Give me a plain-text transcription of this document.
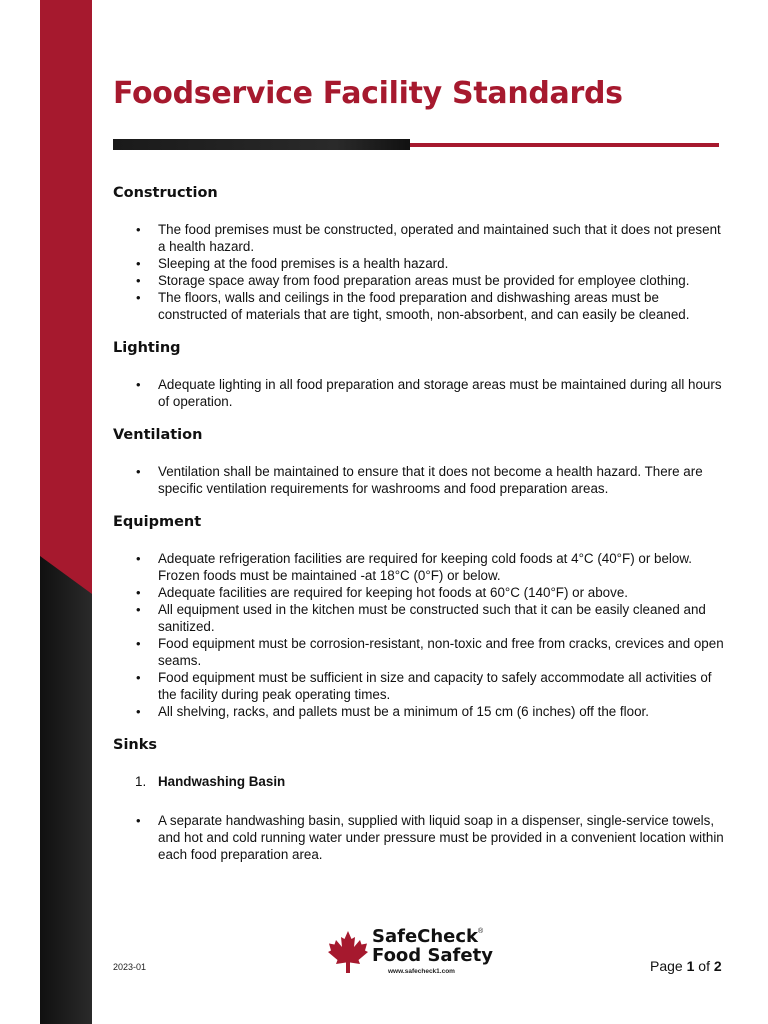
Foodservice Facility Standards
Construction
• The food premises must be constructed, operated and maintained such that it does not present a health hazard.
• Sleeping at the food premises is a health hazard.
• Storage space away from food preparation areas must be provided for employee clothing.
• The floors, walls and ceilings in the food preparation and dishwashing areas must be constructed of materials that are tight, smooth, non-absorbent, and can easily be cleaned.
Lighting
• Adequate lighting in all food preparation and storage areas must be maintained during all hours of operation.
Ventilation
• Ventilation shall be maintained to ensure that it does not become a health hazard. There are specific ventilation requirements for washrooms and food preparation areas.
Equipment
• Adequate refrigeration facilities are required for keeping cold foods at 4°C (40°F) or below. Frozen foods must be maintained -at 18°C (0°F) or below.
• Adequate facilities are required for keeping hot foods at 60°C (140°F) or above.
• All equipment used in the kitchen must be constructed such that it can be easily cleaned and sanitized.
• Food equipment must be corrosion-resistant, non-toxic and free from cracks, crevices and open seams.
• Food equipment must be sufficient in size and capacity to safely accommodate all activities of the facility during peak operating times.
• All shelving, racks, and pallets must be a minimum of 15 cm (6 inches) off the floor.
Sinks
1. Handwashing Basin
• A separate handwashing basin, supplied with liquid soap in a dispenser, single-service towels, and hot and cold running water under pressure must be provided in a convenient location within each food preparation area.
2023-01
SafeCheck ®
Food Safety
www.safecheck1.com	Page 1 of 2
